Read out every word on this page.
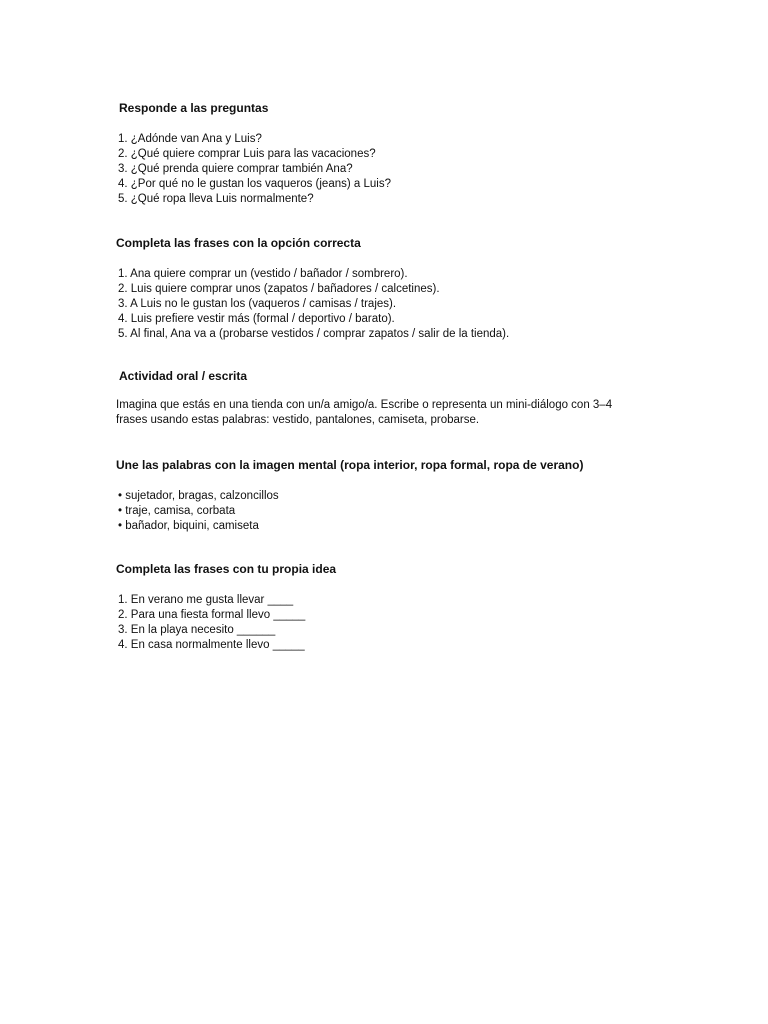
Responde a las preguntas
1. ¿Adónde van Ana y Luis?
2. ¿Qué quiere comprar Luis para las vacaciones?
3. ¿Qué prenda quiere comprar también Ana?
4. ¿Por qué no le gustan los vaqueros (jeans) a Luis?
5. ¿Qué ropa lleva Luis normalmente?
Completa las frases con la opción correcta
1. Ana quiere comprar un (vestido / bañador / sombrero).
2. Luis quiere comprar unos (zapatos / bañadores / calcetines).
3. A Luis no le gustan los (vaqueros / camisas / trajes).
4. Luis prefiere vestir más (formal / deportivo / barato).
5. Al final, Ana va a (probarse vestidos / comprar zapatos / salir de la tienda).
Actividad oral / escrita

Imagina que estás en una tienda con un/a amigo/a. Escribe o representa un mini-diálogo con 3–4 frases usando estas palabras: vestido, pantalones, camiseta, probarse.

Une las palabras con la imagen mental (ropa interior, ropa formal, ropa de verano)
• sujetador, bragas, calzoncillos
• traje, camisa, corbata
• bañador, biquini, camiseta
Completa las frases con tu propia idea
1. En verano me gusta llevar ____
2. Para una fiesta formal llevo _____
3. En la playa necesito ______
4. En casa normalmente llevo _____
